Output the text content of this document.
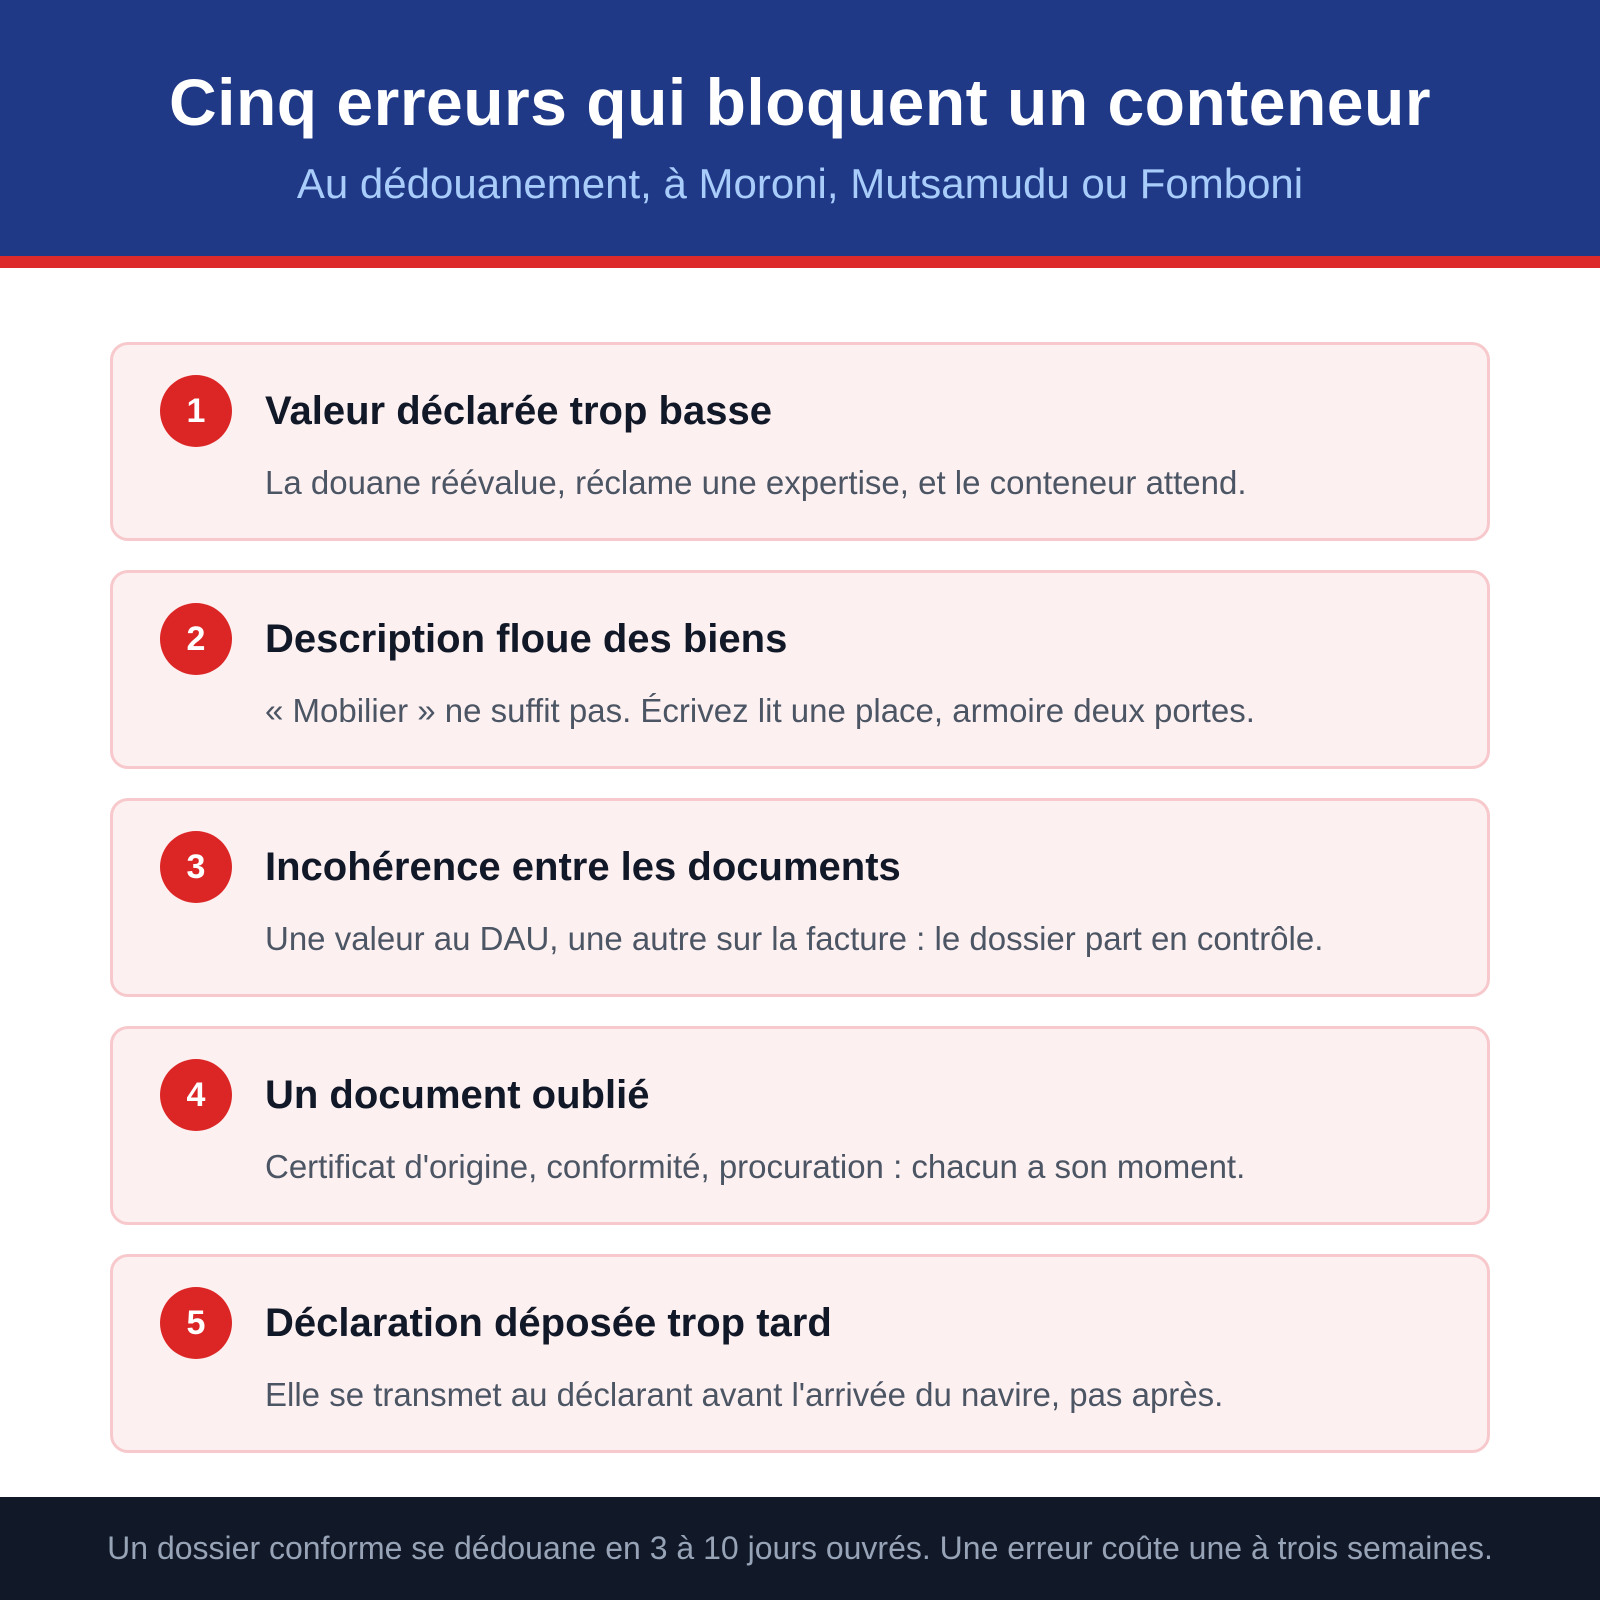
Cinq erreurs qui bloquent un conteneur
Au dédouanement, à Moroni, Mutsamudu ou Fomboni
1	Valeur déclarée trop basse
La douane réévalue, réclame une expertise, et le conteneur attend.
2	Description floue des biens
« Mobilier » ne suffit pas. Écrivez lit une place, armoire deux portes.
3	Incohérence entre les documents
Une valeur au DAU, une autre sur la facture : le dossier part en contrôle.
4	Un document oublié
Certificat d'origine, conformité, procuration : chacun a son moment.
5	Déclaration déposée trop tard
Elle se transmet au déclarant avant l'arrivée du navire, pas après.
Un dossier conforme se dédouane en 3 à 10 jours ouvrés. Une erreur coûte une à trois semaines.
